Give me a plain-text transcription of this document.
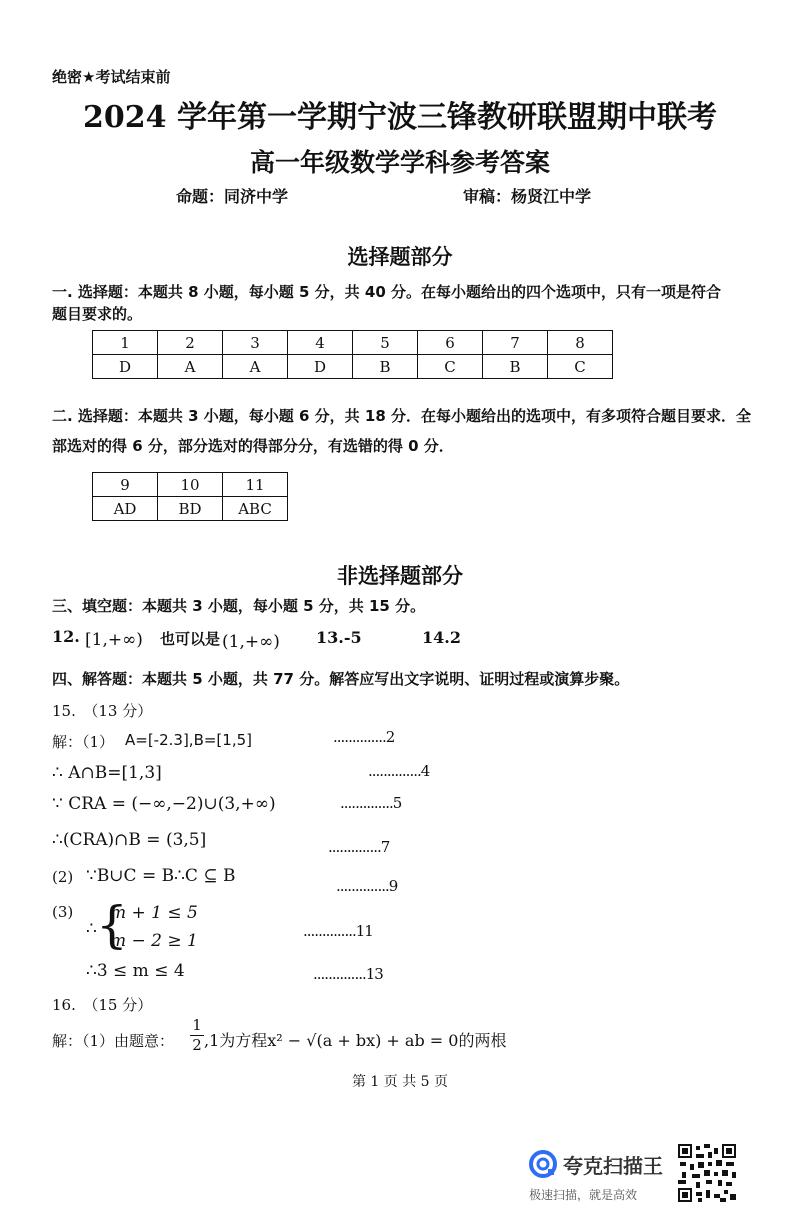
绝密★考试结束前
2024 学年第一学期宁波三锋教研联盟期中联考
高一年级数学学科参考答案
命题：同济中学	审稿：杨贤江中学
选择题部分
一. 选择题：本题共 8 小题，每小题 5 分，共 40 分。在每小题给出的四个选项中，只有一项是符合
题目要求的。
1	2	3	4	5	6	7	8
D	A	A	D	B	C	B	C
二. 选择题：本题共 3 小题，每小题 6 分，共 18 分．在每小题给出的选项中，有多项符合题目要求．全
部选对的得 6 分，部分选对的得部分分，有选错的得 0 分．
9	10	11
AD	BD	ABC
非选择题部分
三、填空题：本题共 3 小题，每小题 5 分，共 15 分。
12. [1,+∞) 也可以是 (1,+∞) 13.-5	14.2
四、解答题：本题共 5 小题，共 77 分。解答应写出文字说明、证明过程或演算步聚。
15.　（13 分）
解：（1） A=[-2.3],B=[1,5]	..............2
∴ A∩B=[1,3]	..............4
∵ CRA = (−∞,−2)∪(3,+∞)	..............5
∴(CRA)∩B = (3,5]	..............7
(2) ∵B∪C = B∴C ⊆ B	..............9
(3)
∴ {
m + 1 ≤ 5
m − 2 ≥ 1	..............11
∴3 ≤ m ≤ 4	..............13
16.　（15 分）
解：（1）由题意： $\frac{1}{2} ,1$为方程x² − √(a + bx) + ab = 0的两根
第 1 页 共 5 页
夸克扫描王
极速扫描，就是高效
